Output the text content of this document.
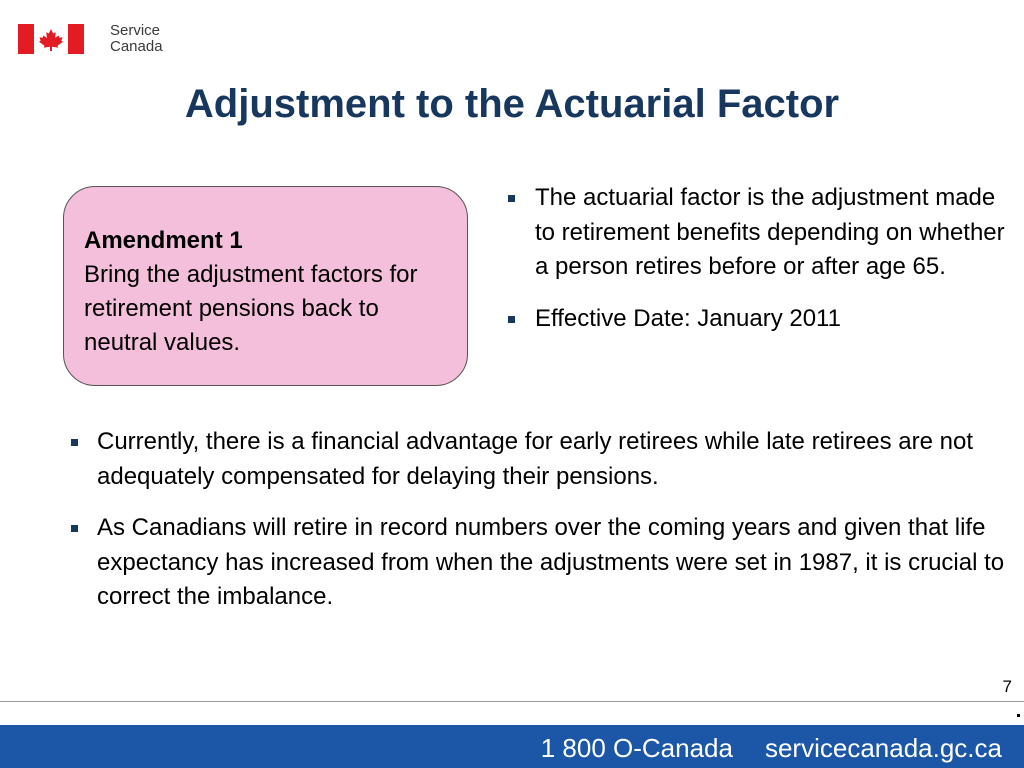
Service
Canada
Adjustment to the Actuarial Factor
Amendment 1
Bring the adjustment factors for retirement pensions back to neutral values.
The actuarial factor is the adjustment made to retirement benefits depending on whether a person retires before or after age 65.
Effective Date: January 2011
Currently, there is a financial advantage for early retirees while late retirees are not adequately compensated for delaying their pensions.
As Canadians will retire in record numbers over the coming years and given that life expectancy has increased from when the adjustments were set in 1987, it is crucial to correct the imbalance.
7
1 800 O-Canada servicecanada.gc.ca
